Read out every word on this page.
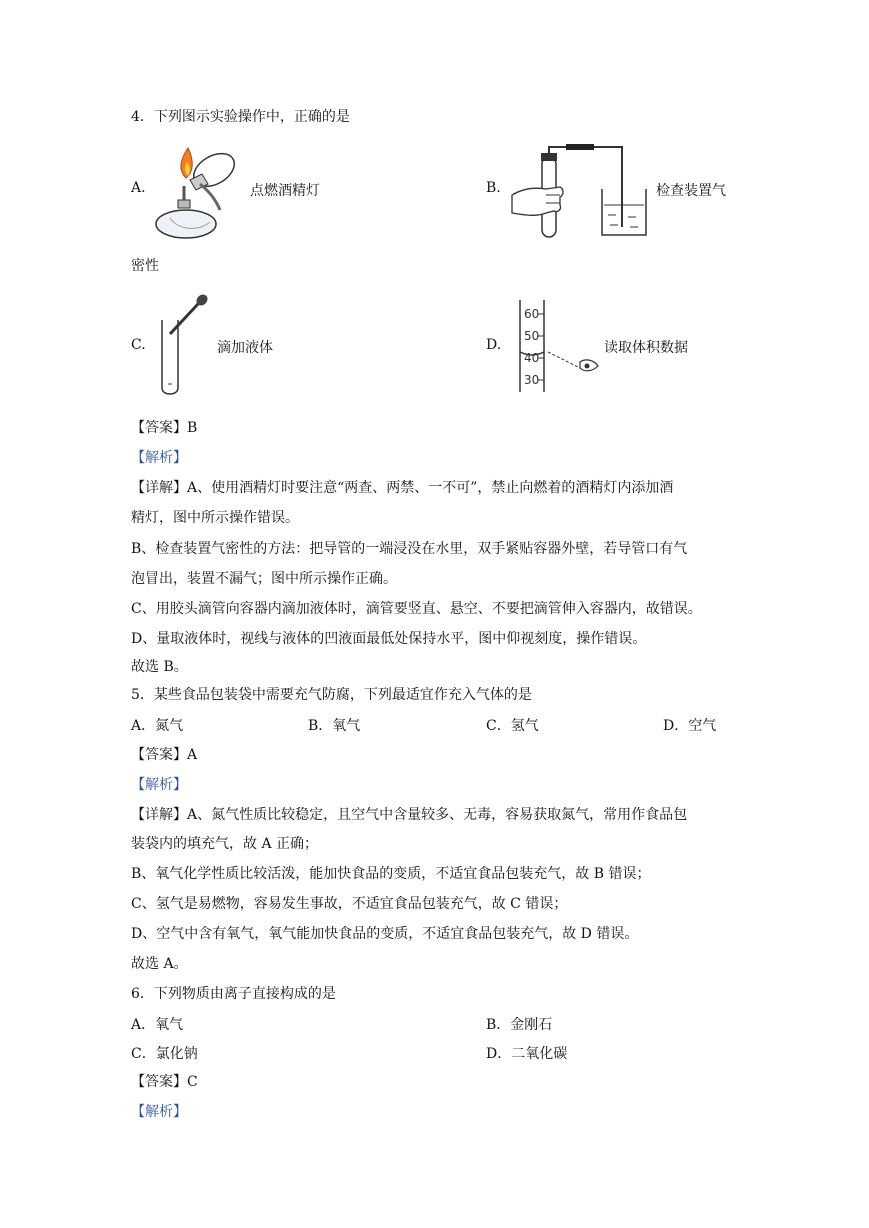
4．下列图示实验操作中，正确的是
A.	点燃酒精灯	B.	检查装置气
密性
C.	滴加液体	D.
60
50
40
30
读取体积数据
【答案】B
【解析】
【详解】A、使用酒精灯时要注意“两查、两禁、一不可”，禁止向燃着的酒精灯内添加酒
精灯，图中所示操作错误。
B、检查装置气密性的方法：把导管的一端浸没在水里，双手紧贴容器外壁，若导管口有气
泡冒出，装置不漏气；图中所示操作正确。
C、用胶头滴管向容器内滴加液体时，滴管要竖直、悬空、不要把滴管伸入容器内，故错误。
D、量取液体时，视线与液体的凹液面最低处保持水平，图中仰视刻度，操作错误。
故选 B。
5．某些食品包装袋中需要充气防腐，下列最适宜作充入气体的是
A．氮气	B．氧气	C．氢气	D．空气
【答案】A
【解析】
【详解】A、氮气性质比较稳定，且空气中含量较多、无毒，容易获取氮气，常用作食品包
装袋内的填充气，故 A 正确；
B、氧气化学性质比较活泼，能加快食品的变质，不适宜食品包装充气，故 B 错误；
C、氢气是易燃物，容易发生事故，不适宜食品包装充气，故 C 错误；
D、空气中含有氧气，氧气能加快食品的变质，不适宜食品包装充气，故 D 错误。
故选 A。
6．下列物质由离子直接构成的是
A．氧气	B．金刚石
C．氯化钠	D．二氧化碳
【答案】C
【解析】
